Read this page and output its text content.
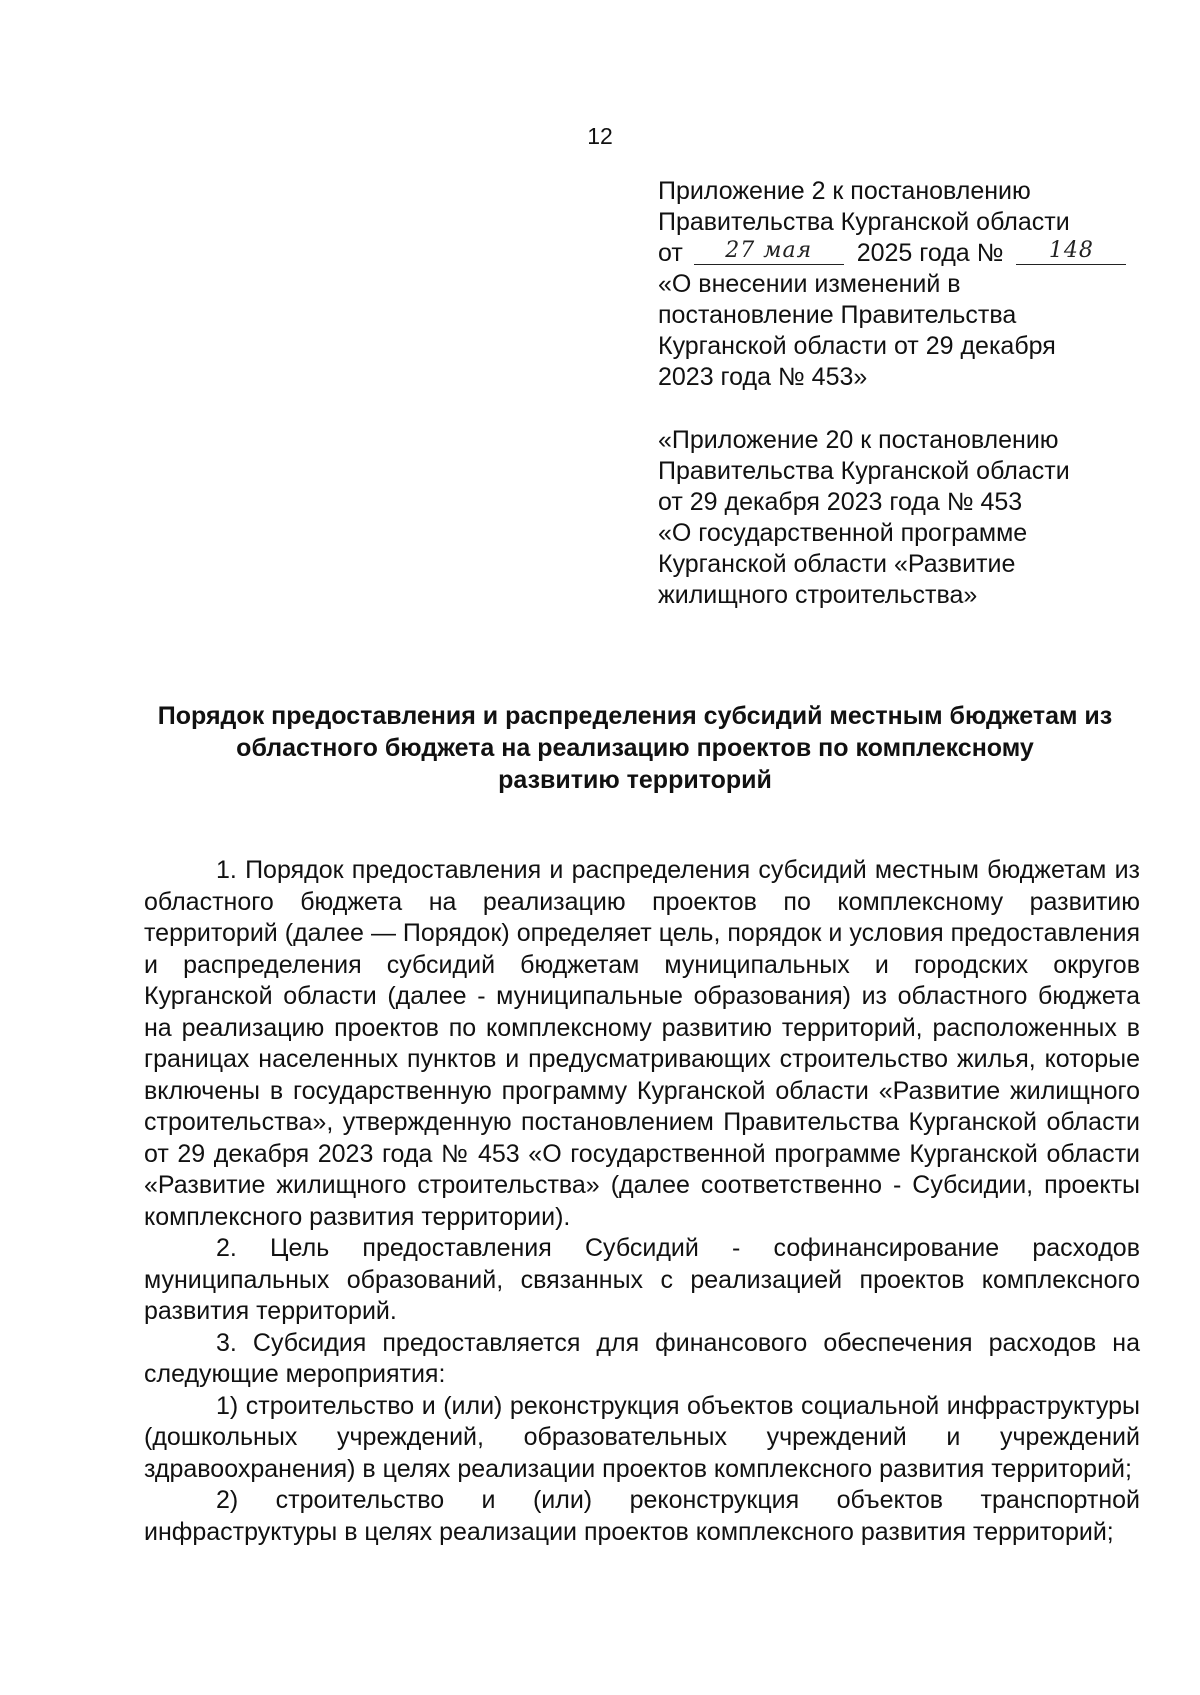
12
Приложение 2 к постановлению
Правительства Курганской области
от 27 мая 2025 года № 148
«О внесении изменений в
постановление Правительства
Курганской области от 29 декабря
2023 года № 453»
«Приложение 20 к постановлению
Правительства Курганской области
от 29 декабря 2023 года № 453
«О государственной программе
Курганской области «Развитие
жилищного строительства»
Порядок предоставления и распределения субсидий местным бюджетам из
областного бюджета на реализацию проектов по комплексному
развитию территорий

1. Порядок предоставления и распределения субсидий местным бюджетам из областного бюджета на реализацию проектов по комплексному развитию территорий (далее — Порядок) определяет цель, порядок и условия предоставления и распределения субсидий бюджетам муниципальных и городских округов Курганской области (далее - муниципальные образования) из областного бюджета на реализацию проектов по комплексному развитию территорий, расположенных в границах населенных пунктов и предусматривающих строительство жилья, которые включены в государственную программу Курганской области «Развитие жилищного строительства», утвержденную постановлением Правительства Курганской области от 29 декабря 2023 года № 453 «О государственной программе Курганской области «Развитие жилищного строительства» (далее соответственно - Субсидии, проекты комплексного развития территории).

2. Цель предоставления Субсидий - софинансирование расходов муниципальных образований, связанных с реализацией проектов комплексного развития территорий.

3. Субсидия предоставляется для финансового обеспечения расходов на следующие мероприятия:

1) строительство и (или) реконструкция объектов социальной инфраструктуры (дошкольных учреждений, образовательных учреждений и учреждений здравоохранения) в целях реализации проектов комплексного развития территорий;

2) строительство и (или) реконструкция объектов транспортной инфраструктуры в целях реализации проектов комплексного развития территорий;
